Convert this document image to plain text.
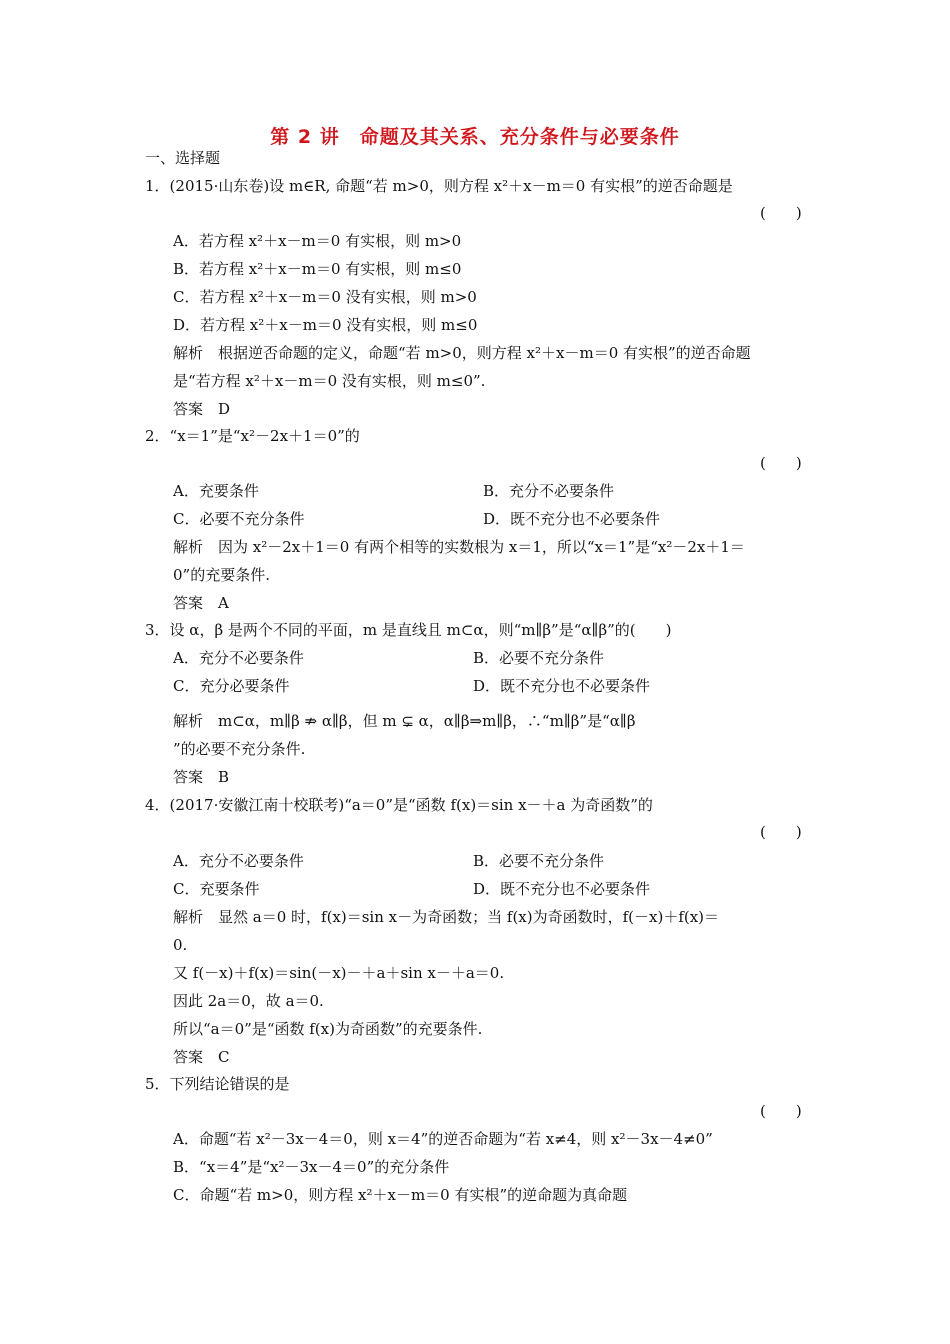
第 2 讲　命题及其关系、充分条件与必要条件
一、选择题
1．(2015·山东卷)设 m∈R, 命题“若 m>0，则方程 x²＋x－m＝0 有实根”的逆否命题是
(　　)
A．若方程 x²＋x－m＝0 有实根，则 m>0
B．若方程 x²＋x－m＝0 有实根，则 m≤0
C．若方程 x²＋x－m＝0 没有实根，则 m>0
D．若方程 x²＋x－m＝0 没有实根，则 m≤0
解析　根据逆否命题的定义，命题“若 m>0，则方程 x²＋x－m＝0 有实根”的逆否命题
是“若方程 x²＋x－m＝0 没有实根，则 m≤0”.
答案　D
2．“x＝1”是“x²－2x＋1＝0”的
(　　)
A．充要条件	B．充分不必要条件
C．必要不充分条件	D．既不充分也不必要条件
解析　因为 x²－2x＋1＝0 有两个相等的实数根为 x＝1，所以“x＝1”是“x²－2x＋1＝
0”的充要条件.
答案　A
3．设 α，β 是两个不同的平面，m 是直线且 m⊂α，则“m∥β”是“α∥β”的(　　)
A．充分不必要条件	B．必要不充分条件
C．充分必要条件	D．既不充分也不必要条件
解析　m⊂α，m∥β ⇏ α∥β，但 m ⊊ α，α∥β⇒m∥β，∴“m∥β”是“α∥β
”的必要不充分条件.
答案　B
4．(2017·安徽江南十校联考)“a＝0”是“函数 f(x)＝sin x－＋a 为奇函数”的
(　　)
A．充分不必要条件	B．必要不充分条件
C．充要条件	D．既不充分也不必要条件
解析　显然 a＝0 时，f(x)＝sin x－为奇函数；当 f(x)为奇函数时，f(－x)＋f(x)＝
0.
又 f(－x)＋f(x)＝sin(－x)－＋a＋sin x－＋a＝0.
因此 2a＝0，故 a＝0.
所以“a＝0”是“函数 f(x)为奇函数”的充要条件.
答案　C
5．下列结论错误的是
(　　)
A．命题“若 x²－3x－4＝0，则 x＝4”的逆否命题为“若 x≠4，则 x²－3x－4≠0”
B．“x＝4”是“x²－3x－4＝0”的充分条件
C．命题“若 m>0，则方程 x²＋x－m＝0 有实根”的逆命题为真命题
